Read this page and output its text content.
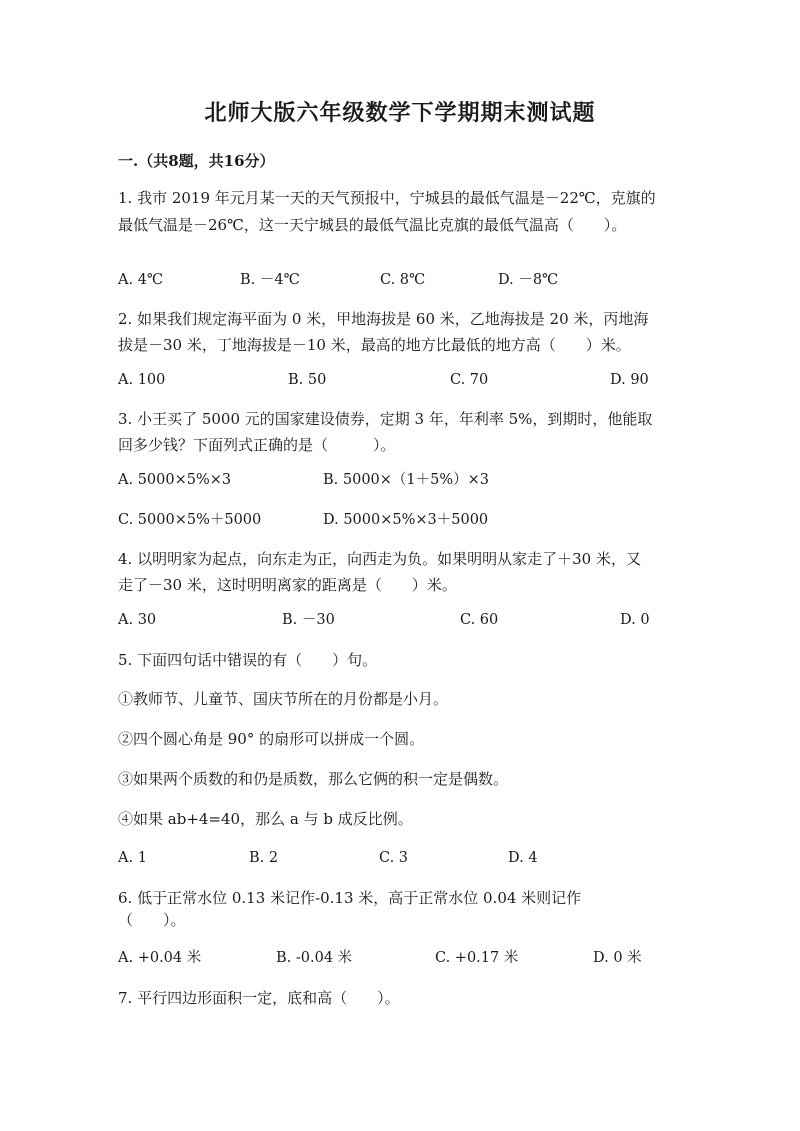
北师大版六年级数学下学期期末测试题
一.（共8题，共16分）
1. 我市 2019 年元月某一天的天气预报中，宁城县的最低气温是－22℃，克旗的
最低气温是－26℃，这一天宁城县的最低气温比克旗的最低气温高（　　）。
A. 4℃	B. －4℃	C. 8℃	D. －8℃
2. 如果我们规定海平面为 0 米，甲地海拔是 60 米，乙地海拔是 20 米，丙地海
拔是－30 米，丁地海拔是－10 米，最高的地方比最低的地方高（　　）米。
A. 100	B. 50	C. 70	D. 90
3. 小王买了 5000 元的国家建设债券，定期 3 年，年利率 5%，到期时，他能取
回多少钱？下面列式正确的是（　　　）。
A. 5000×5%×3	B. 5000×（1＋5%）×3
C. 5000×5%＋5000	D. 5000×5%×3＋5000
4. 以明明家为起点，向东走为正，向西走为负。如果明明从家走了＋30 米，又
走了－30 米，这时明明离家的距离是（　　）米。
A. 30	B. －30	C. 60	D. 0
5. 下面四句话中错误的有（　　）句。
①教师节、儿童节、国庆节所在的月份都是小月。
②四个圆心角是 90° 的扇形可以拼成一个圆。
③如果两个质数的和仍是质数，那么它俩的积一定是偶数。
④如果 ab+4=40，那么 a 与 b 成反比例。
A. 1	B. 2	C. 3	D. 4
6. 低于正常水位 0.13 米记作-0.13 米，高于正常水位 0.04 米则记作
（　　）。
A. +0.04 米	B. -0.04 米	C. +0.17 米	D. 0 米
7. 平行四边形面积一定，底和高（　　）。
